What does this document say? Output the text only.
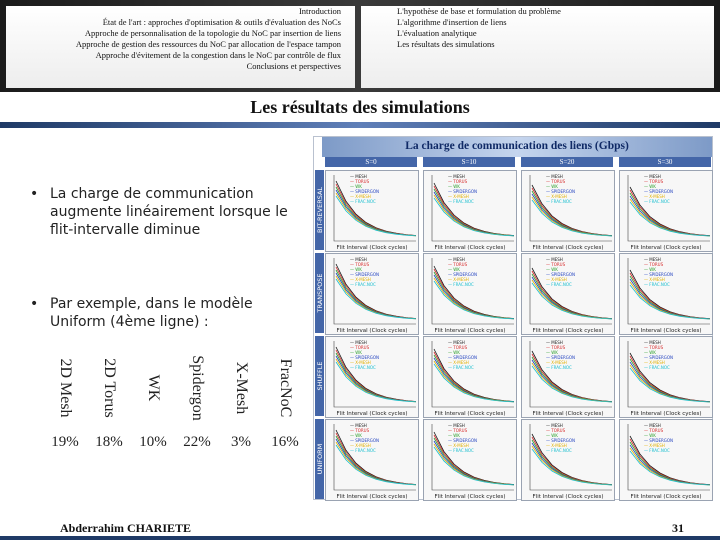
Introduction
État de l'art : approches d'optimisation & outils d'évaluation des NoCs
Approche de personnalisation de la topologie du NoC par insertion de liens
Approche de gestion des ressources du NoC par allocation de l'espace tampon
Approche d'évitement de la congestion dans le NoC par contrôle de flux
Conclusions et perspectives
L'hypothèse de base et formulation du problème
L'algorithme d'insertion de liens
L'évaluation analytique
Les résultats des simulations
Les résultats des simulations
• La charge de communication augmente linéairement lorsque le flit-intervalle diminue
• Par exemple, dans le modèle Uniform (4ème ligne) :
FracNoC
16%
X-Mesh
3%
Spidergon
22%
WK
10%
2D Torus
18%
2D Mesh
19%
La charge de communication des liens (Gbps)
S=0	S=10	S=20	S=30
— MESH
— TORUS
— WK
— SPIDERGON
— X-MESH
— FRAC.NOC
Flit Interval (Clock cycles)
— MESH
— TORUS
— WK
— SPIDERGON
— X-MESH
— FRAC.NOC
Flit Interval (Clock cycles)
— MESH
— TORUS
— WK
— SPIDERGON
— X-MESH
— FRAC.NOC
Flit Interval (Clock cycles)
— MESH
— TORUS
— WK
— SPIDERGON
— X-MESH
— FRAC.NOC
Flit Interval (Clock cycles)
— MESH
— TORUS
— WK
— SPIDERGON
— X-MESH
— FRAC.NOC
Flit Interval (Clock cycles)
— MESH
— TORUS
— WK
— SPIDERGON
— X-MESH
— FRAC.NOC
Flit Interval (Clock cycles)
— MESH
— TORUS
— WK
— SPIDERGON
— X-MESH
— FRAC.NOC
Flit Interval (Clock cycles)
— MESH
— TORUS
— WK
— SPIDERGON
— X-MESH
— FRAC.NOC
Flit Interval (Clock cycles)
— MESH
— TORUS
— WK
— SPIDERGON
— X-MESH
— FRAC.NOC
Flit Interval (Clock cycles)
— MESH
— TORUS
— WK
— SPIDERGON
— X-MESH
— FRAC.NOC
Flit Interval (Clock cycles)
— MESH
— TORUS
— WK
— SPIDERGON
— X-MESH
— FRAC.NOC
Flit Interval (Clock cycles)
— MESH
— TORUS
— WK
— SPIDERGON
— X-MESH
— FRAC.NOC
Flit Interval (Clock cycles)
— MESH
— TORUS
— WK
— SPIDERGON
— X-MESH
— FRAC.NOC
Flit Interval (Clock cycles)
— MESH
— TORUS
— WK
— SPIDERGON
— X-MESH
— FRAC.NOC
Flit Interval (Clock cycles)
— MESH
— TORUS
— WK
— SPIDERGON
— X-MESH
— FRAC.NOC
Flit Interval (Clock cycles)
— MESH
— TORUS
— WK
— SPIDERGON
— X-MESH
— FRAC.NOC
Flit Interval (Clock cycles)
BIT-REVERSAL
TRANSPOSE
SHUFFLE
UNIFORM
Abderrahim CHARIETE	31
